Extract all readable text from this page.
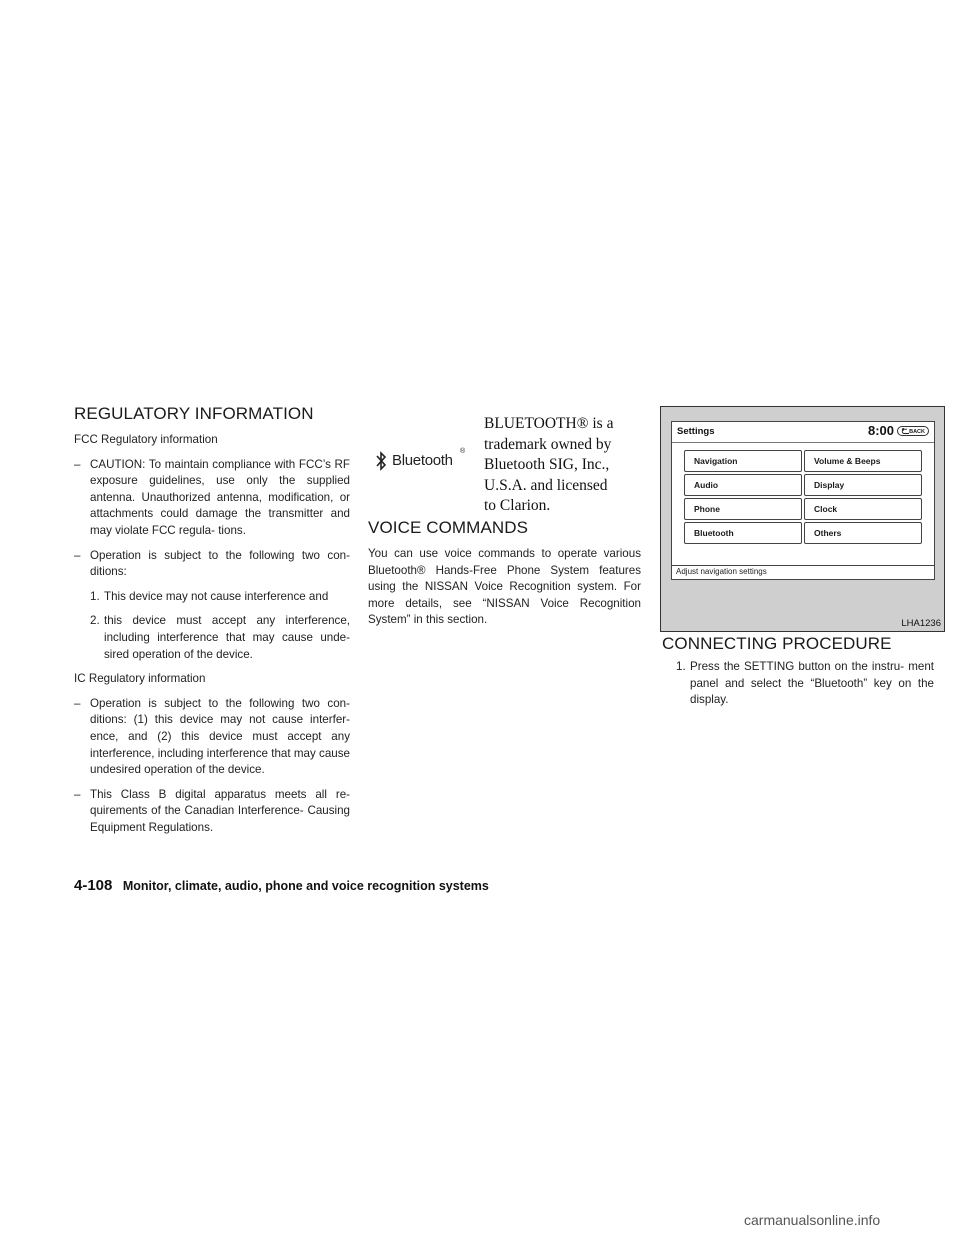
REGULATORY INFORMATION

FCC Regulatory information

– CAUTION: To maintain compliance with FCC’s RF exposure guidelines, use only the supplied antenna. Unauthorized antenna, modification, or attachments could damage the transmitter and may violate FCC regula- tions.

– Operation is subject to the following two con- ditions:

1. This device may not cause interference and

2. this device must accept any interference, including interference that may cause unde- sired operation of the device.

IC Regulatory information

– Operation is subject to the following two con- ditions: (1) this device may not cause interfer- ence, and (2) this device must accept any interference, including interference that may cause undesired operation of the device.

– This Class B digital apparatus meets all re- quirements of the Canadian Interference- Causing Equipment Regulations.

Bluetooth
®
BLUETOOTH® is a
trademark owned by
Bluetooth SIG, Inc.,
U.S.A. and licensed
to Clarion.
VOICE COMMANDS

You can use voice commands to operate various Bluetooth® Hands-Free Phone System features using the NISSAN Voice Recognition system. For more details, see “NISSAN Voice Recognition System” in this section.

Settings	8:00	BACK
Navigation
Audio
Phone
Bluetooth
Volume & Beeps
Display
Clock
Others
Adjust navigation settings
LHA1236
CONNECTING PROCEDURE

1. Press the SETTING button on the instru- ment panel and select the “Bluetooth” key on the display.

4-108 Monitor, climate, audio, phone and voice recognition systems
carmanualsonline.info
